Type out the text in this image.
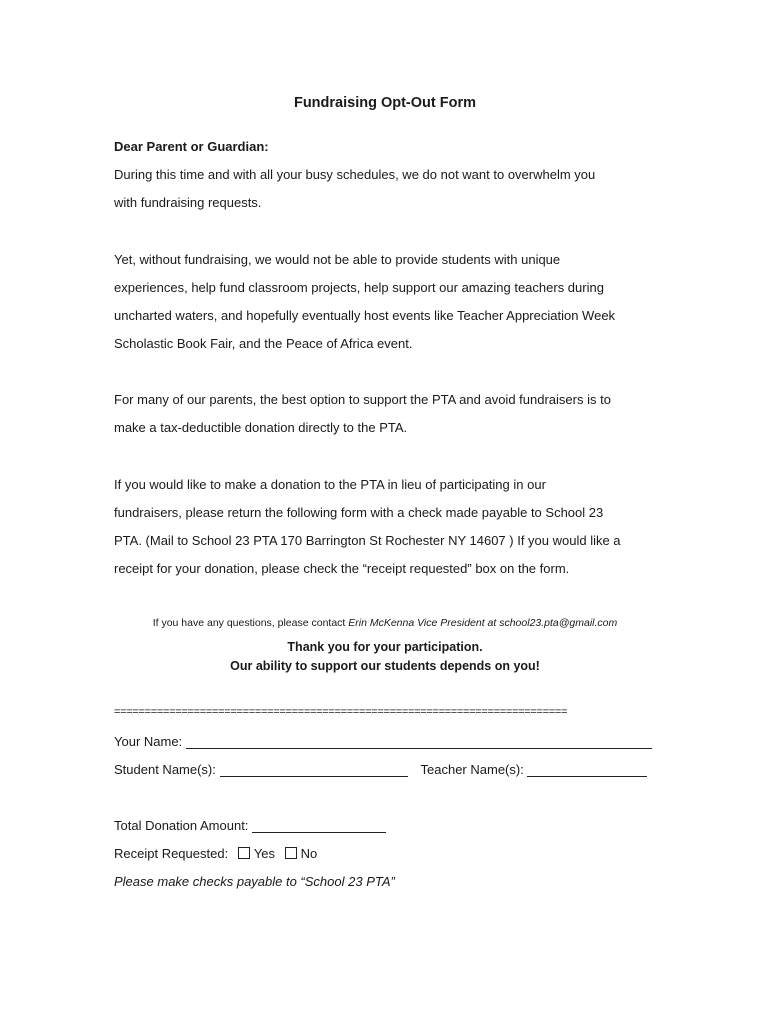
Fundraising Opt-Out Form
Dear Parent or Guardian:
During this time and with all your busy schedules, we do not want to overwhelm you
with fundraising requests.
Yet, without fundraising, we would not be able to provide students with unique
experiences, help fund classroom projects, help support our amazing teachers during
uncharted waters, and hopefully eventually host events like Teacher Appreciation Week
Scholastic Book Fair, and the Peace of Africa event.
For many of our parents, the best option to support the PTA and avoid fundraisers is to
make a tax-deductible donation directly to the PTA.
If you would like to make a donation to the PTA in lieu of participating in our
fundraisers, please return the following form with a check made payable to School 23
PTA. (Mail to School 23 PTA 170 Barrington St Rochester NY 14607 ) If you would like a
receipt for your donation, please check the “receipt requested” box on the form.
If you have any questions, please contact Erin McKenna Vice President at school23.pta@gmail.com
Thank you for your participation.
Our ability to support our students depends on you!
==========================================================================
Your Name:
Student Name(s):	Teacher Name(s):
Total Donation Amount:
Receipt Requested: Yes No
Please make checks payable to “School 23 PTA”
